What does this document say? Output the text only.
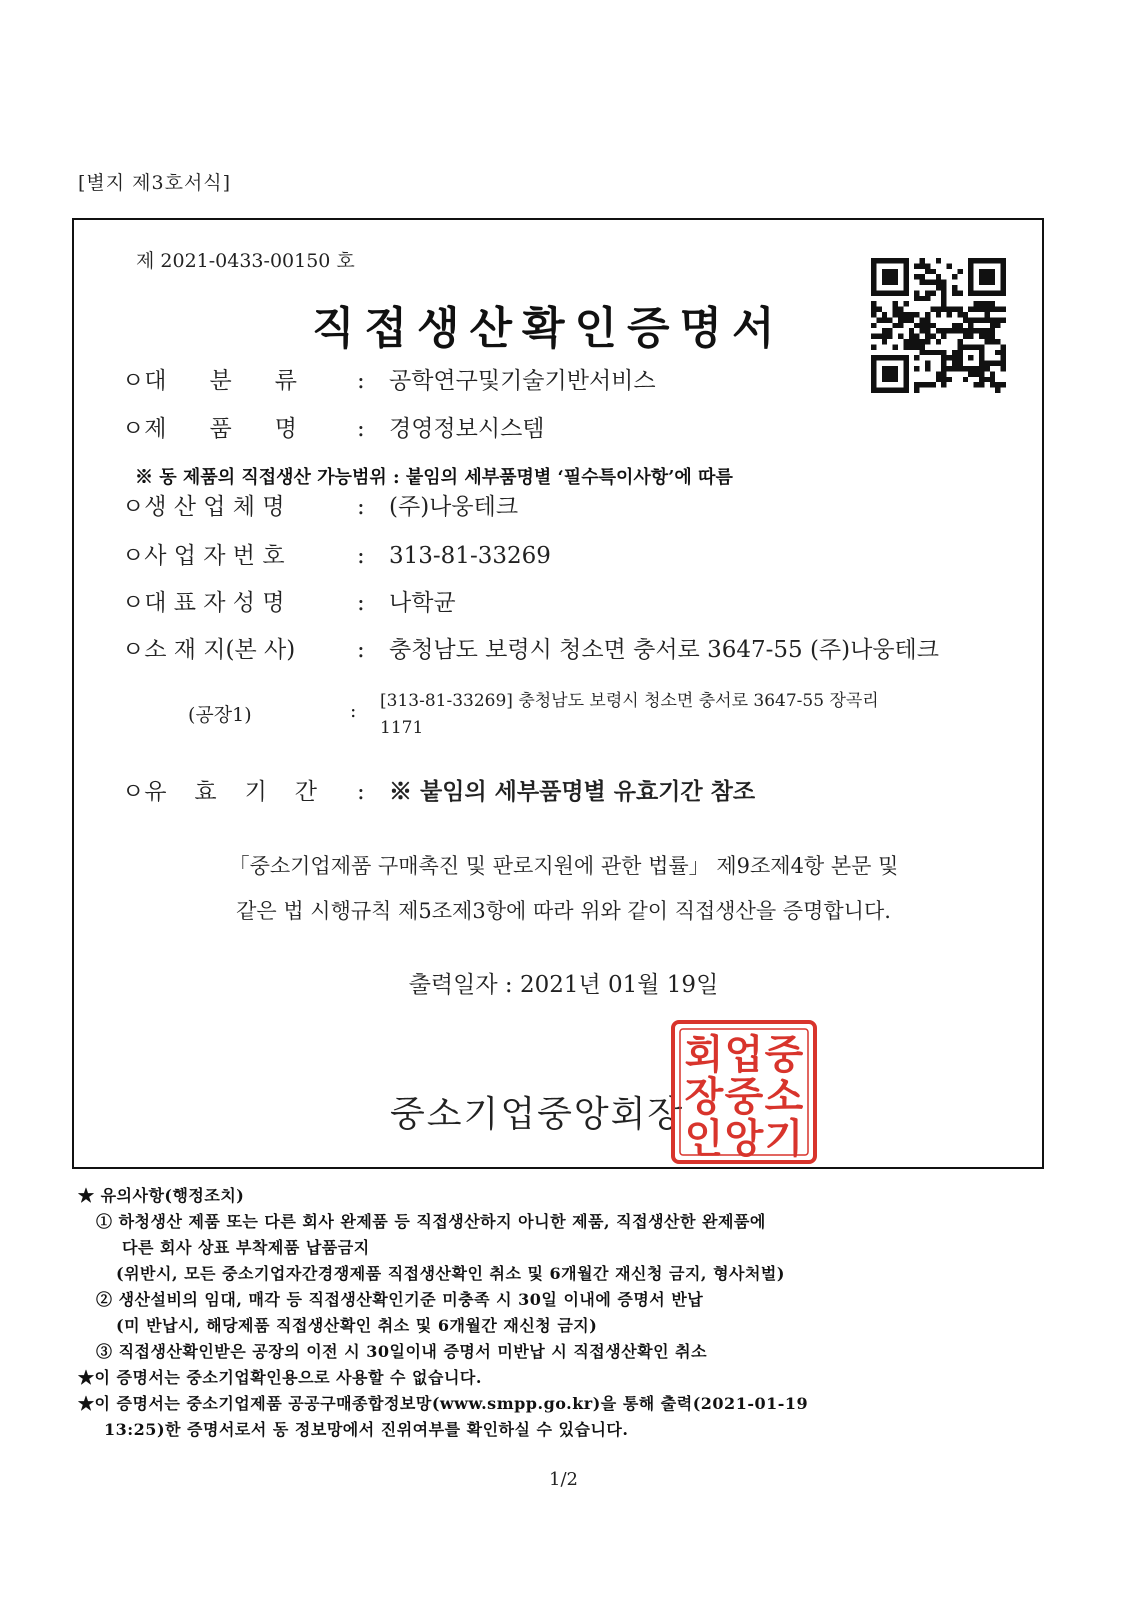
[별지 제3호서식]
제 2021-0433-00150 호
직접생산확인증명서
ㅇ대 분 류	:	공학연구및기술기반서비스
ㅇ제 품 명	:	경영정보시스템
※ 동 제품의 직접생산 가능범위 : 붙임의 세부품명별 ‘필수특이사항’에 따름
ㅇ생 산 업 체 명	:	(주)나웅테크
ㅇ사 업 자 번 호	:	313-81-33269
ㅇ대 표 자 성 명	:	나학균
ㅇ소 재 지(본 사)	:	충청남도 보령시 청소면 충서로 3647-55 (주)나웅테크
(공장1)	: [313-81-33269] 충청남도 보령시 청소면 충서로 3647-55 장곡리
1171
ㅇ유 효 기 간 :	※ 붙임의 세부품명별 유효기간 참조
「중소기업제품 구매촉진 및 판로지원에 관한 법률」 제9조제4항 본문 및
같은 법 시행규칙 제5조제3항에 따라 위와 같이 직접생산을 증명합니다.
출력일자 : 2021년 01월 19일
중소기업중앙회장
중
소
기
업
중
앙
회
장
인
★ 유의사항(행정조치)
① 하청생산 제품 또는 다른 회사 완제품 등 직접생산하지 아니한 제품, 직접생산한 완제품에
다른 회사 상표 부착제품 납품금지
(위반시, 모든 중소기업자간경쟁제품 직접생산확인 취소 및 6개월간 재신청 금지, 형사처벌)
② 생산설비의 임대, 매각 등 직접생산확인기준 미충족 시 30일 이내에 증명서 반납
(미 반납시, 해당제품 직접생산확인 취소 및 6개월간 재신청 금지)
③ 직접생산확인받은 공장의 이전 시 30일이내 증명서 미반납 시 직접생산확인 취소
★이 증명서는 중소기업확인용으로 사용할 수 없습니다.
★이 증명서는 중소기업제품 공공구매종합정보망(www.smpp.go.kr)을 통해 출력(2021-01-19
13:25)한 증명서로서 동 정보망에서 진위여부를 확인하실 수 있습니다.
1/2
